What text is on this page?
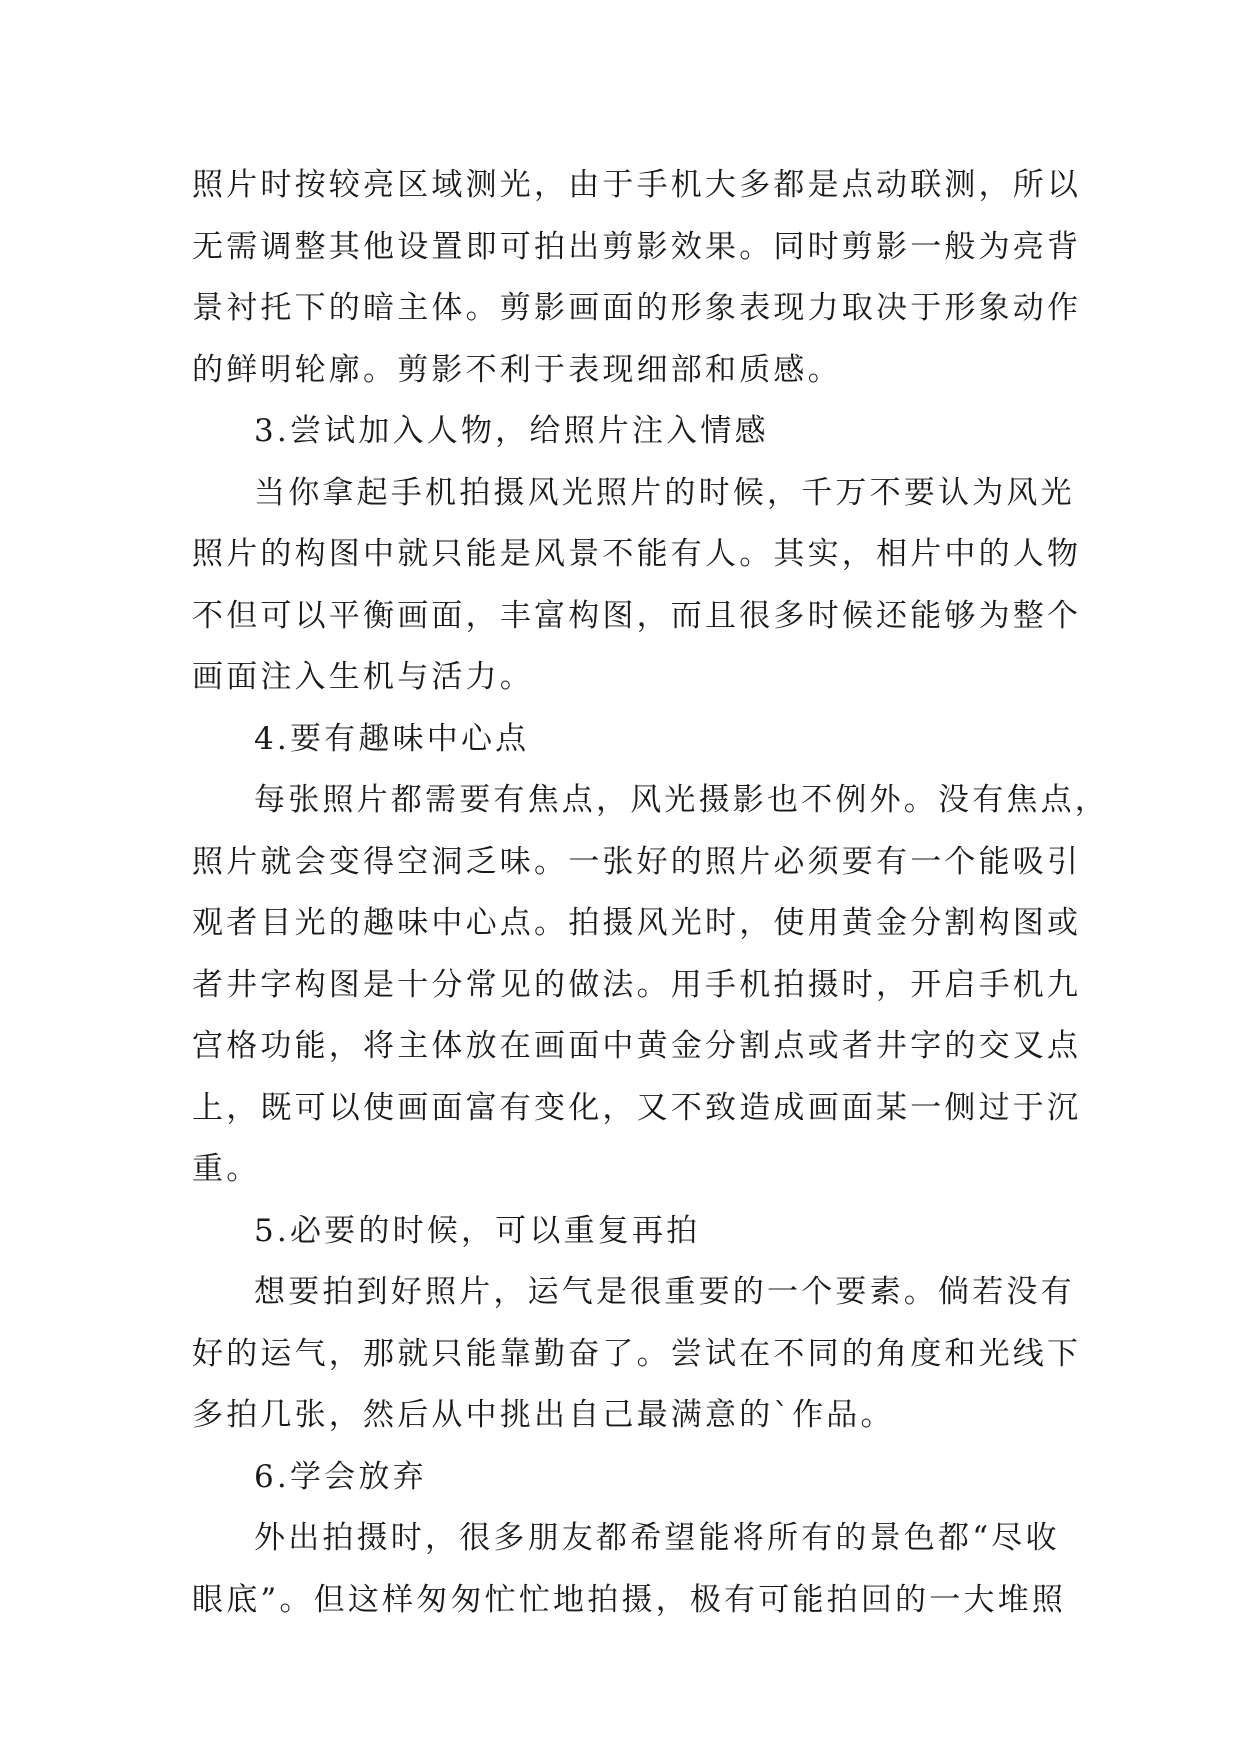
照片时按较亮区域测光，由于手机大多都是点动联测，所以
无需调整其他设置即可拍出剪影效果。同时剪影一般为亮背
景衬托下的暗主体。剪影画面的形象表现力取决于形象动作
的鲜明轮廓。剪影不利于表现细部和质感。
3.尝试加入人物，给照片注入情感
当你拿起手机拍摄风光照片的时候，千万不要认为风光
照片的构图中就只能是风景不能有人。其实，相片中的人物
不但可以平衡画面，丰富构图，而且很多时候还能够为整个
画面注入生机与活力。
4.要有趣味中心点
每张照片都需要有焦点，风光摄影也不例外。没有焦点，
照片就会变得空洞乏味。一张好的照片必须要有一个能吸引
观者目光的趣味中心点。拍摄风光时，使用黄金分割构图或
者井字构图是十分常见的做法。用手机拍摄时，开启手机九
宫格功能，将主体放在画面中黄金分割点或者井字的交叉点
上，既可以使画面富有变化，又不致造成画面某一侧过于沉
重。
5.必要的时候，可以重复再拍
想要拍到好照片，运气是很重要的一个要素。倘若没有
好的运气，那就只能靠勤奋了。尝试在不同的角度和光线下
多拍几张，然后从中挑出自己最满意的`作品。
6.学会放弃
外出拍摄时，很多朋友都希望能将所有的景色都“尽收
眼底”。但这样匆匆忙忙地拍摄，极有可能拍回的一大堆照
